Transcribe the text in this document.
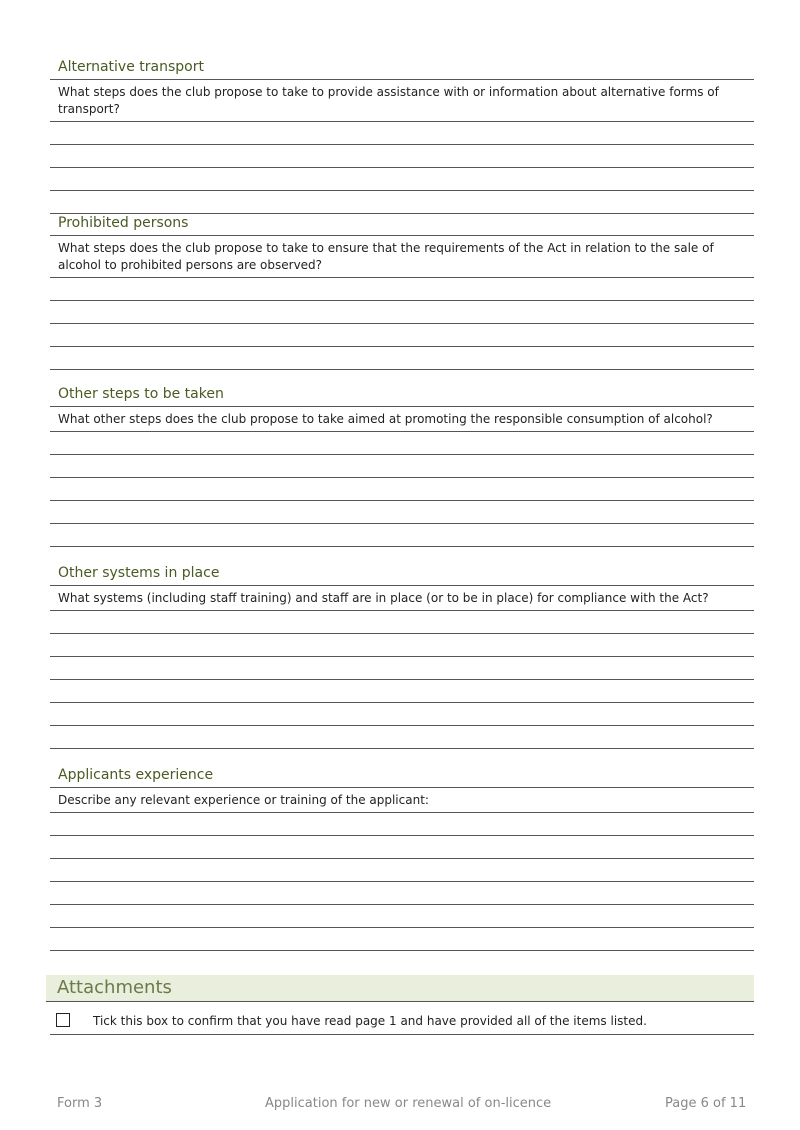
Alternative transport
What steps does the club propose to take to provide assistance with or information about alternative forms of transport?
Prohibited persons
What steps does the club propose to take to ensure that the requirements of the Act in relation to the sale of alcohol to prohibited persons are observed?
Other steps to be taken
What other steps does the club propose to take aimed at promoting the responsible consumption of alcohol?
Other systems in place
What systems (including staff training) and staff are in place (or to be in place) for compliance with the Act?
Applicants experience
Describe any relevant experience or training of the applicant:
Attachments
Tick this box to confirm that you have read page 1 and have provided all of the items listed.
Form 3	Application for new or renewal of on-licence	Page 6 of 11
